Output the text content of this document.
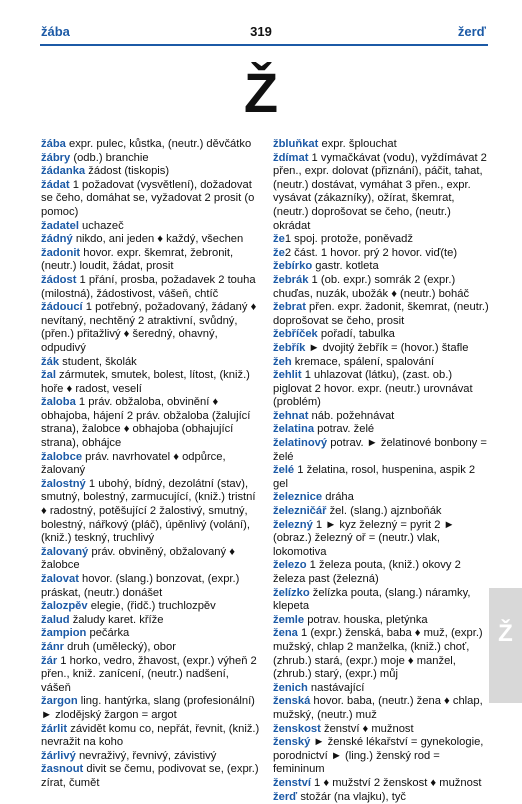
žába	319	žerď
Ž

žába expr. pulec, kůstka, (neutr.) děvčátko

žábry (odb.) branchie

žádanka žádost (tiskopis)

žádat 1 požadovat (vysvětlení), dožadovat se čeho, domáhat se, vyžadovat 2 prosit (o pomoc)

žadatel uchazeč

žádný nikdo, ani jeden ♦ každý, všechen

žadonit hovor. expr. škemrat, žebronit, (neutr.) loudit, žádat, prosit

žádost 1 přání, prosba, požadavek 2 touha (milostná), žádostivost, vášeň, chtíč

žádoucí 1 potřebný, požadovaný, žádaný ♦ nevítaný, nechtěný 2 atraktivní, svůdný, (přen.) přitažlivý ♦ šeredný, ohavný, odpudivý

žák student, školák

žal zármutek, smutek, bolest, lítost, (kniž.) hoře ♦ radost, veselí

žaloba 1 práv. obžaloba, obvinění ♦ obhajoba, hájení 2 práv. obžaloba (žalující strana), žalobce ♦ obhajoba (obhajující strana), obhájce

žalobce práv. navrhovatel ♦ odpůrce, žalovaný

žalostný 1 ubohý, bídný, dezolátní (stav), smutný, bolestný, zarmucující, (kniž.) tristní ♦ radostný, potěšující 2 žalostivý, smutný, bolestný, nářkový (pláč), úpěnlivý (volání), (kniž.) teskný, truchlivý

žalovaný práv. obviněný, obžalovaný ♦ žalobce

žalovat hovor. (slang.) bonzovat, (expr.) práskat, (neutr.) donášet

žalozpěv elegie, (řidč.) truchlozpěv

žalud žaludy karet. kříže

žampion pečárka

žánr druh (umělecký), obor

žár 1 horko, vedro, žhavost, (expr.) výheň 2 přen., kniž. zanícení, (neutr.) nadšení, vášeň

žargon ling. hantýrka, slang (profesionální) ► zlodějský žargon = argot

žárlit závidět komu co, nepřát, řevnit, (kniž.) nevražit na koho

žárlivý nevraživý, řevnivý, závistivý

žasnout divit se čemu, podivovat se, (expr.) zírat, čumět

žbluňkat expr. šplouchat

ždímat 1 vymačkávat (vodu), vyždímávat 2 přen., expr. dolovat (přiznání), páčit, tahat, (neutr.) dostávat, vymáhat 3 přen., expr. vysávat (zákazníky), ožírat, škemrat, (neutr.) doprošovat se čeho, (neutr.) okrádat

že1 spoj. protože, poněvadž

že2 část. 1 hovor. prý 2 hovor. viď(te)

žebírko gastr. kotleta

žebrák 1 (ob. expr.) somrák 2 (expr.) chuďas, nuzák, ubožák ♦ (neutr.) boháč

žebrat přen. expr. žadonit, škemrat, (neutr.) doprošovat se čeho, prosit

žebříček pořadí, tabulka

žebřík ► dvojitý žebřík = (hovor.) štafle

žeh kremace, spálení, spalování

žehlit 1 uhlazovat (látku), (zast. ob.) piglovat 2 hovor. expr. (neutr.) urovnávat (problém)

žehnat náb. požehnávat

želatina potrav. želé

želatinový potrav. ► želatinové bonbony = želé

želé 1 želatina, rosol, huspenina, aspik 2 gel

železnice dráha

železničář žel. (slang.) ajznboňák

železný 1 ► kyz železný = pyrit 2 ► (obraz.) železný oř = (neutr.) vlak, lokomotiva

železo 1 železa pouta, (kniž.) okovy 2 železa past (železná)

želízko želízka pouta, (slang.) náramky, klepeta

žemle potrav. houska, pletýnka

žena 1 (expr.) ženská, baba ♦ muž, (expr.) mužský, chlap 2 manželka, (kniž.) choť, (zhrub.) stará, (expr.) moje ♦ manžel, (zhrub.) starý, (expr.) můj

ženich nastávající

ženská hovor. baba, (neutr.) žena ♦ chlap, mužský, (neutr.) muž

ženskost ženství ♦ mužnost

ženský ► ženské lékařství = gynekologie, porodnictví ► (ling.) ženský rod = femininum

ženství 1 ♦ mužství 2 ženskost ♦ mužnost

žerď stožár (na vlajku), tyč

Ž
